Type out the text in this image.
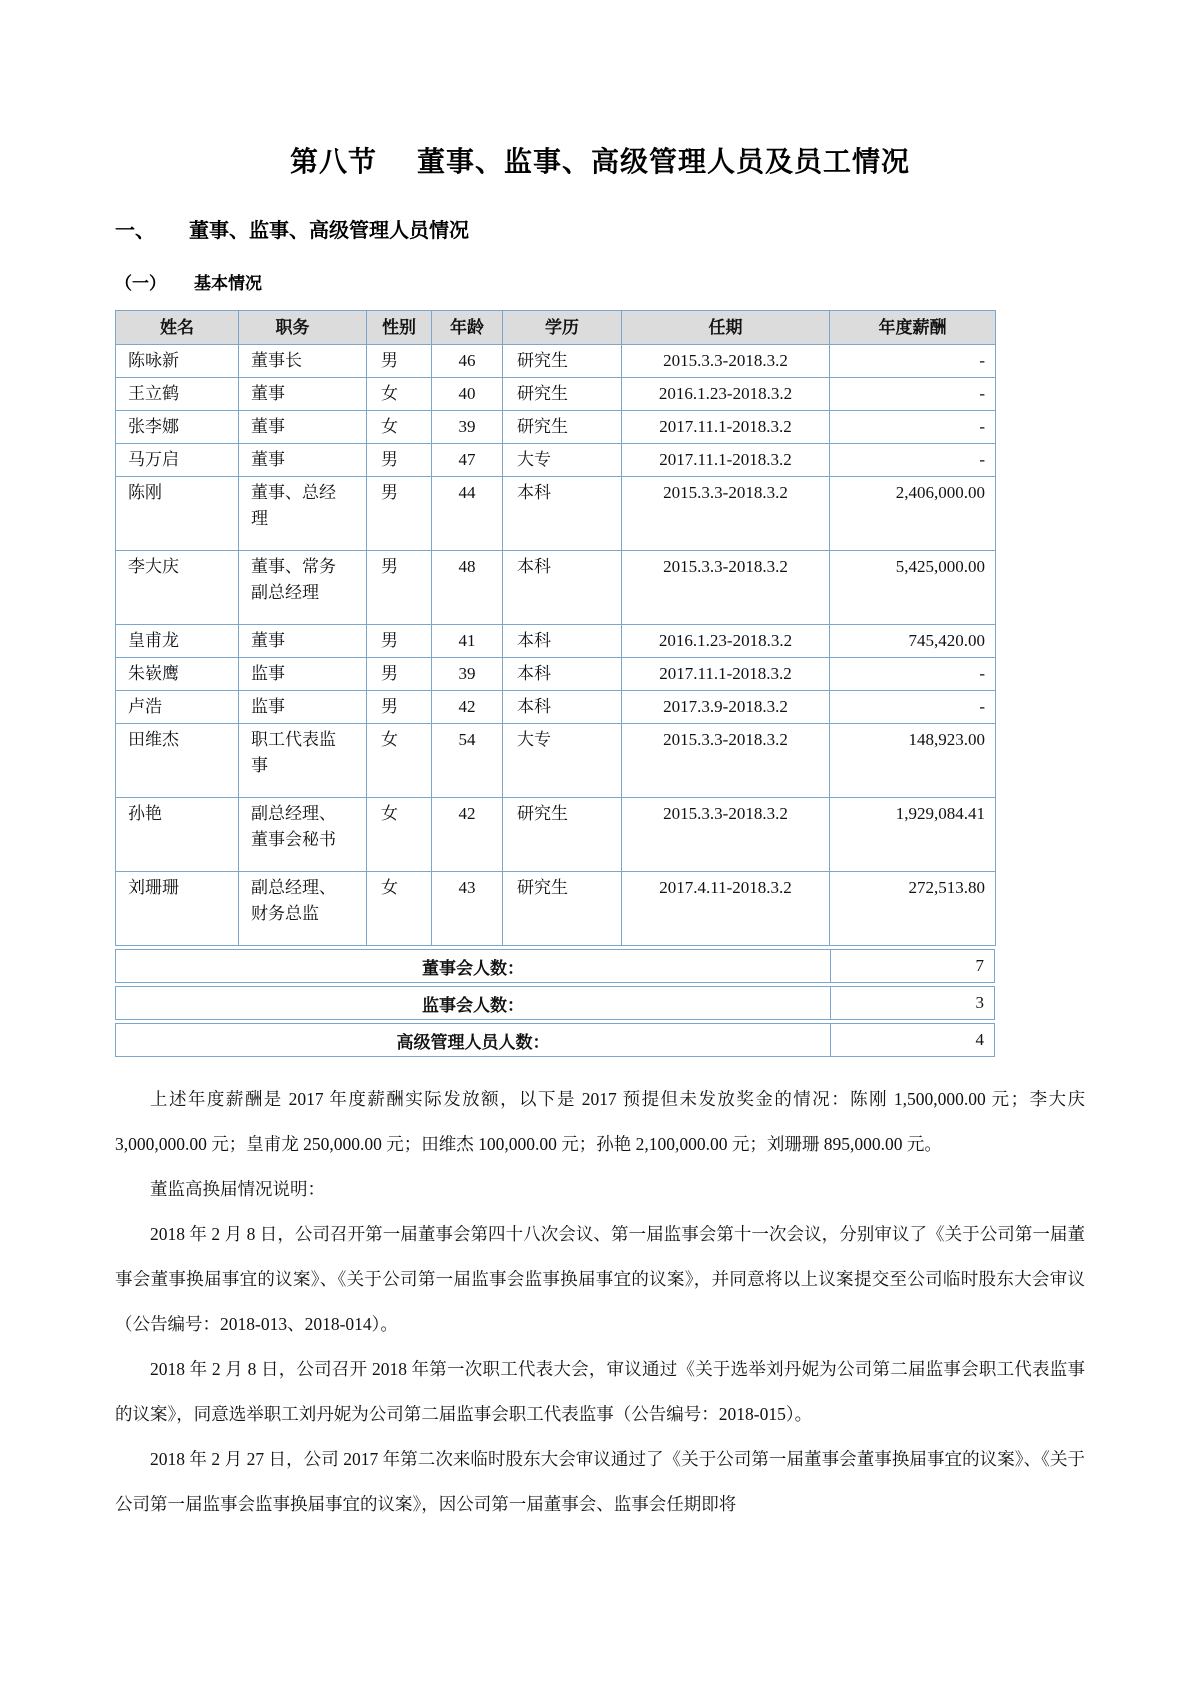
第八节 董事、监事、高级管理人员及员工情况
一、 董事、监事、高级管理人员情况
（一） 基本情况
姓名	职务	性别	年龄	学历	任期	年度薪酬
陈咏新	董事长	男	46	研究生	2015.3.3-2018.3.2	-
王立鹤	董事	女	40	研究生	2016.1.23-2018.3.2	-
张李娜	董事	女	39	研究生	2017.11.1-2018.3.2	-
马万启	董事	男	47	大专	2017.11.1-2018.3.2	-
陈刚	董事、总经理	男	44	本科	2015.3.3-2018.3.2	2,406,000.00
李大庆	董事、常务副总经理	男	48	本科	2015.3.3-2018.3.2	5,425,000.00
皇甫龙	董事	男	41	本科	2016.1.23-2018.3.2	745,420.00
朱嵚鹰	监事	男	39	本科	2017.11.1-2018.3.2	-
卢浩	监事	男	42	本科	2017.3.9-2018.3.2	-
田维杰	职工代表监事	女	54	大专	2015.3.3-2018.3.2	148,923.00
孙艳	副总经理、董事会秘书	女	42	研究生	2015.3.3-2018.3.2	1,929,084.41
刘珊珊	副总经理、财务总监	女	43	研究生	2017.4.11-2018.3.2	272,513.80
董事会人数：	7
监事会人数：	3
高级管理人员人数：	4

上述年度薪酬是 2017 年度薪酬实际发放额，以下是 2017 预提但未发放奖金的情况：陈刚 1,500,000.00 元；李大庆 3,000,000.00 元；皇甫龙 250,000.00 元；田维杰 100,000.00 元；孙艳 2,100,000.00 元；刘珊珊 895,000.00 元。

董监高换届情况说明：

2018 年 2 月 8 日，公司召开第一届董事会第四十八次会议、第一届监事会第十一次会议，分别审议了《关于公司第一届董事会董事换届事宜的议案》、《关于公司第一届监事会监事换届事宜的议案》，并同意将以上议案提交至公司临时股东大会审议（公告编号：2018-013、2018-014）。

2018 年 2 月 8 日，公司召开 2018 年第一次职工代表大会，审议通过《关于选举刘丹妮为公司第二届监事会职工代表监事的议案》，同意选举职工刘丹妮为公司第二届监事会职工代表监事（公告编号：2018-015）。

2018 年 2 月 27 日，公司 2017 年第二次来临时股东大会审议通过了《关于公司第一届董事会董事换届事宜的议案》、《关于公司第一届监事会监事换届事宜的议案》，因公司第一届董事会、监事会任期即将
